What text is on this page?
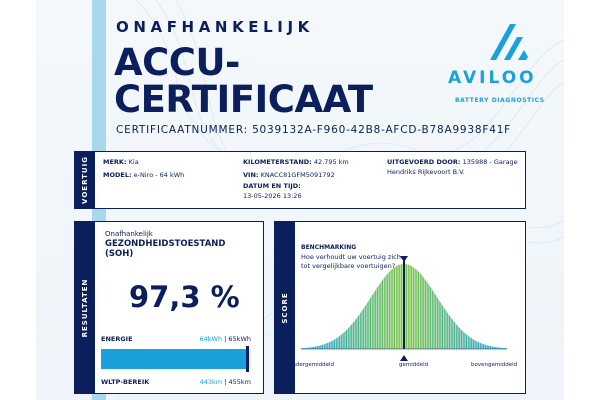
ONAFHANKELIJK
ACCU-
CERTIFICAAT
CERTIFICAATNUMMER: 5039132A-F960-42B8-AFCD-B78A9938F41F
AVILOO
BATTERY DIAGNOSTICS
VOERTUIG MERK: Kia
MODEL: e-Niro - 64 kWh
KILOMETERSTAND: 42.795 km
VIN: KNACC81GFM5091792
DATUM EN TIJD:
13-05-2026 13:26
UITGEVOERD DOOR: 135988 - Garage
Hendriks Rijkevoort B.V.
RESULTATEN
Onafhankelijk
GEZONDHEIDSTOESTAND
(SOH)
97,3 %
ENERGIE	64kWh | 65kWh
WLTP-BEREIK	443km | 455km
SCORE
BENCHMARKING
Hoe verhoudt uw voertuig zich tot vergelijkbare voertuigen?
ondergemiddeld	gemiddeld	bovengemiddeld
